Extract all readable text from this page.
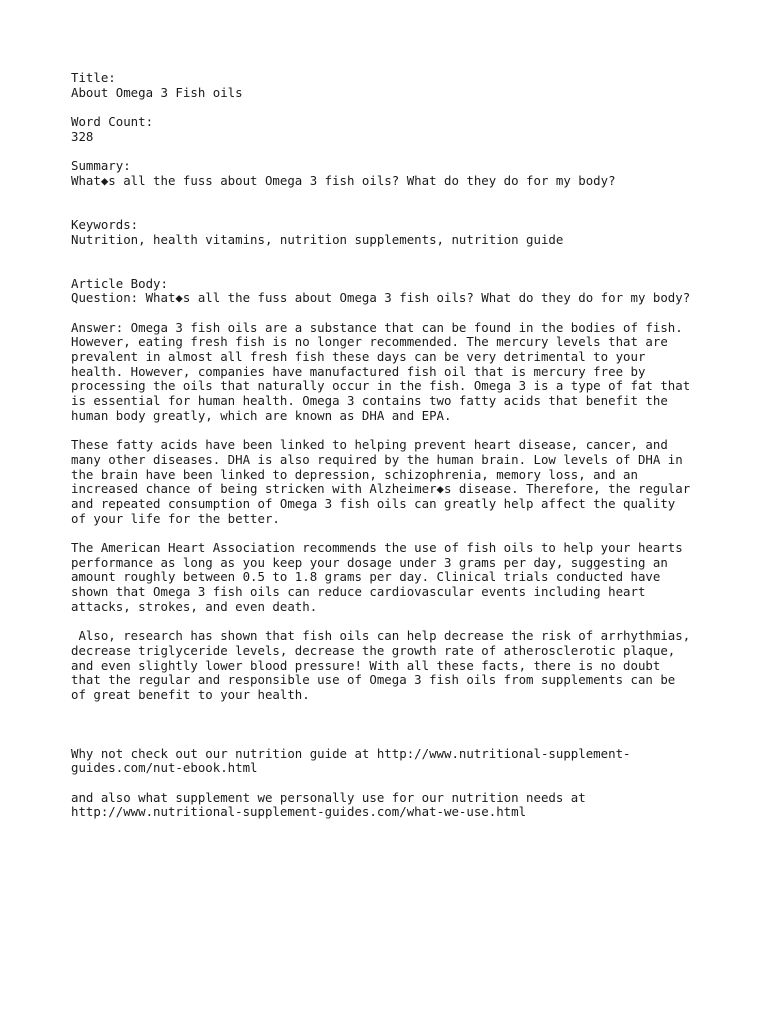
Title:
About Omega 3 Fish oils
Word Count:
328
Summary:
What◆s all the fuss about Omega 3 fish oils? What do they do for my body?
Keywords:
Nutrition, health vitamins, nutrition supplements, nutrition guide
Article Body:
Question: What◆s all the fuss about Omega 3 fish oils? What do they do for my body?
Answer: Omega 3 fish oils are a substance that can be found in the bodies of fish.
However, eating fresh fish is no longer recommended. The mercury levels that are
prevalent in almost all fresh fish these days can be very detrimental to your
health. However, companies have manufactured fish oil that is mercury free by
processing the oils that naturally occur in the fish. Omega 3 is a type of fat that
is essential for human health. Omega 3 contains two fatty acids that benefit the
human body greatly, which are known as DHA and EPA.
These fatty acids have been linked to helping prevent heart disease, cancer, and
many other diseases. DHA is also required by the human brain. Low levels of DHA in
the brain have been linked to depression, schizophrenia, memory loss, and an
increased chance of being stricken with Alzheimer◆s disease. Therefore, the regular
and repeated consumption of Omega 3 fish oils can greatly help affect the quality
of your life for the better.
The American Heart Association recommends the use of fish oils to help your hearts
performance as long as you keep your dosage under 3 grams per day, suggesting an
amount roughly between 0.5 to 1.8 grams per day. Clinical trials conducted have
shown that Omega 3 fish oils can reduce cardiovascular events including heart
attacks, strokes, and even death.
Also, research has shown that fish oils can help decrease the risk of arrhythmias,
decrease triglyceride levels, decrease the growth rate of atherosclerotic plaque,
and even slightly lower blood pressure! With all these facts, there is no doubt
that the regular and responsible use of Omega 3 fish oils from supplements can be
of great benefit to your health.
Why not check out our nutrition guide at http://www.nutritional-supplement-
guides.com/nut-ebook.html
and also what supplement we personally use for our nutrition needs at
http://www.nutritional-supplement-guides.com/what-we-use.html
